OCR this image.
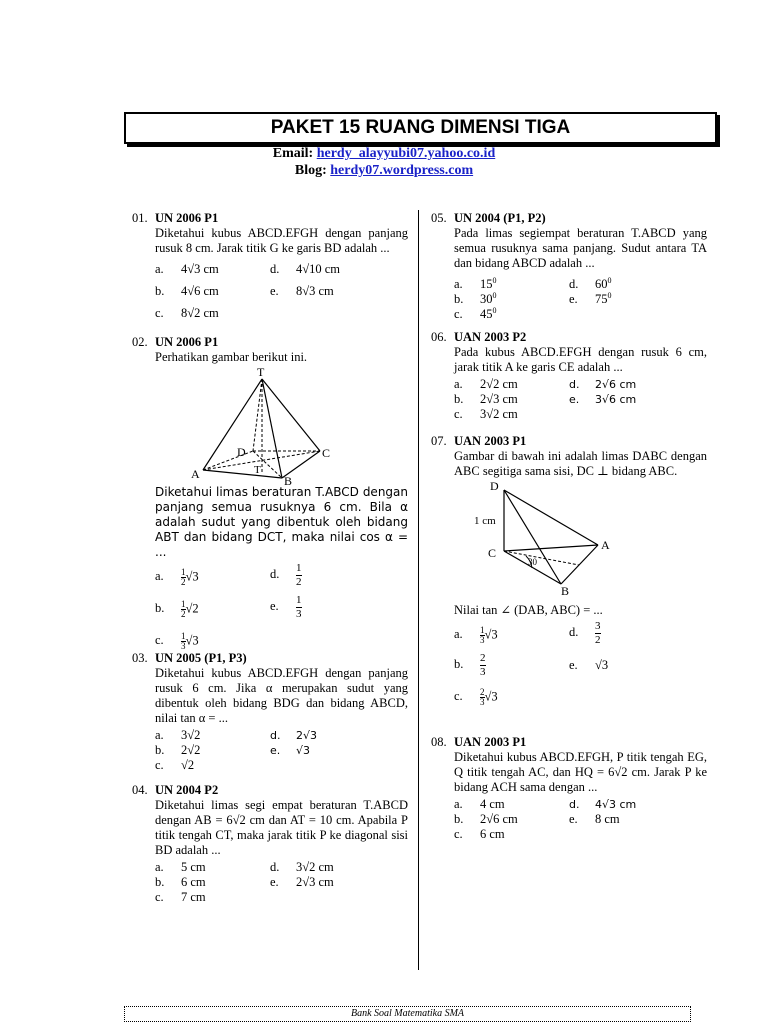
PAKET 15 RUANG DIMENSI TIGA
Email: herdy_alayyubi07.yahoo.co.id
Blog: herdy07.wordpress.com
01. UN 2006 P1
Diketahui kubus ABCD.EFGH dengan panjang rusuk 8 cm. Jarak titik G ke garis BD adalah ...
a. 4√3 cm	d. 4√10 cm
b. 4√6 cm	e. 8√3 cm
c. 8√2 cm
02. UN 2006 P1
Perhatikan gambar berikut ini.
T
D	C
A	B
T
Diketahui limas beraturan T.ABCD dengan panjang semua rusuknya 6 cm. Bila α adalah sudut yang dibentuk oleh bidang ABT dan bidang DCT, maka nilai cos α = ...
a. $\frac{1}{2} √3$	d. $\frac{1}{2}$
b. $\frac{1}{2} √2$	e. $\frac{1}{3}$
c. $\frac{1}{3} √3$
03. UN 2005 (P1, P3)
Diketahui kubus ABCD.EFGH dengan panjang rusuk 6 cm. Jika α merupakan sudut yang dibentuk oleh bidang BDG dan bidang ABCD, nilai tan α = ...
a. 3√2	d. 2√3
b. 2√2	e. √3
c. √2
04. UN 2004 P2
Diketahui limas segi empat beraturan T.ABCD dengan AB = 6√2 cm dan AT = 10 cm. Apabila P titik tengah CT, maka jarak titik P ke diagonal sisi BD adalah ...
a. 5 cm	d. 3√2 cm
b. 6 cm	e. 2√3 cm
c. 7 cm
05. UN 2004 (P1, P2)
Pada limas segiempat beraturan T.ABCD yang semua rusuknya sama panjang. Sudut antara TA dan bidang ABCD adalah ...
a. $15^0$	d. $60^0$
b. $30^0$	e. $75^0$
c. $45^0$
06. UAN 2003 P2
Pada kubus ABCD.EFGH dengan rusuk 6 cm, jarak titik A ke garis CE adalah ...
a. 2√2 cm	d. 2√6 cm
b. 2√3 cm	e. 3√6 cm
c. 3√2 cm
07. UAN 2003 P1
Gambar di bawah ini adalah limas DABC dengan ABC segitiga sama sisi, DC ⊥ bidang ABC.
D
C
A
B
1 cm
30
Nilai tan ∠ (DAB, ABC) = ...
a. $\frac{1}{3} √3$	d. $\frac{3}{2}$
b. $\frac{2}{3}$	e. √3
c. $\frac{2}{3} √3$
08. UAN 2003 P1
Diketahui kubus ABCD.EFGH, P titik tengah EG, Q titik tengah AC, dan HQ = 6√2 cm. Jarak P ke bidang ACH sama dengan ...
a. 4 cm	d. 4√3 cm
b. 2√6 cm	e. 8 cm
c. 6 cm
Bank Soal Matematika SMA
